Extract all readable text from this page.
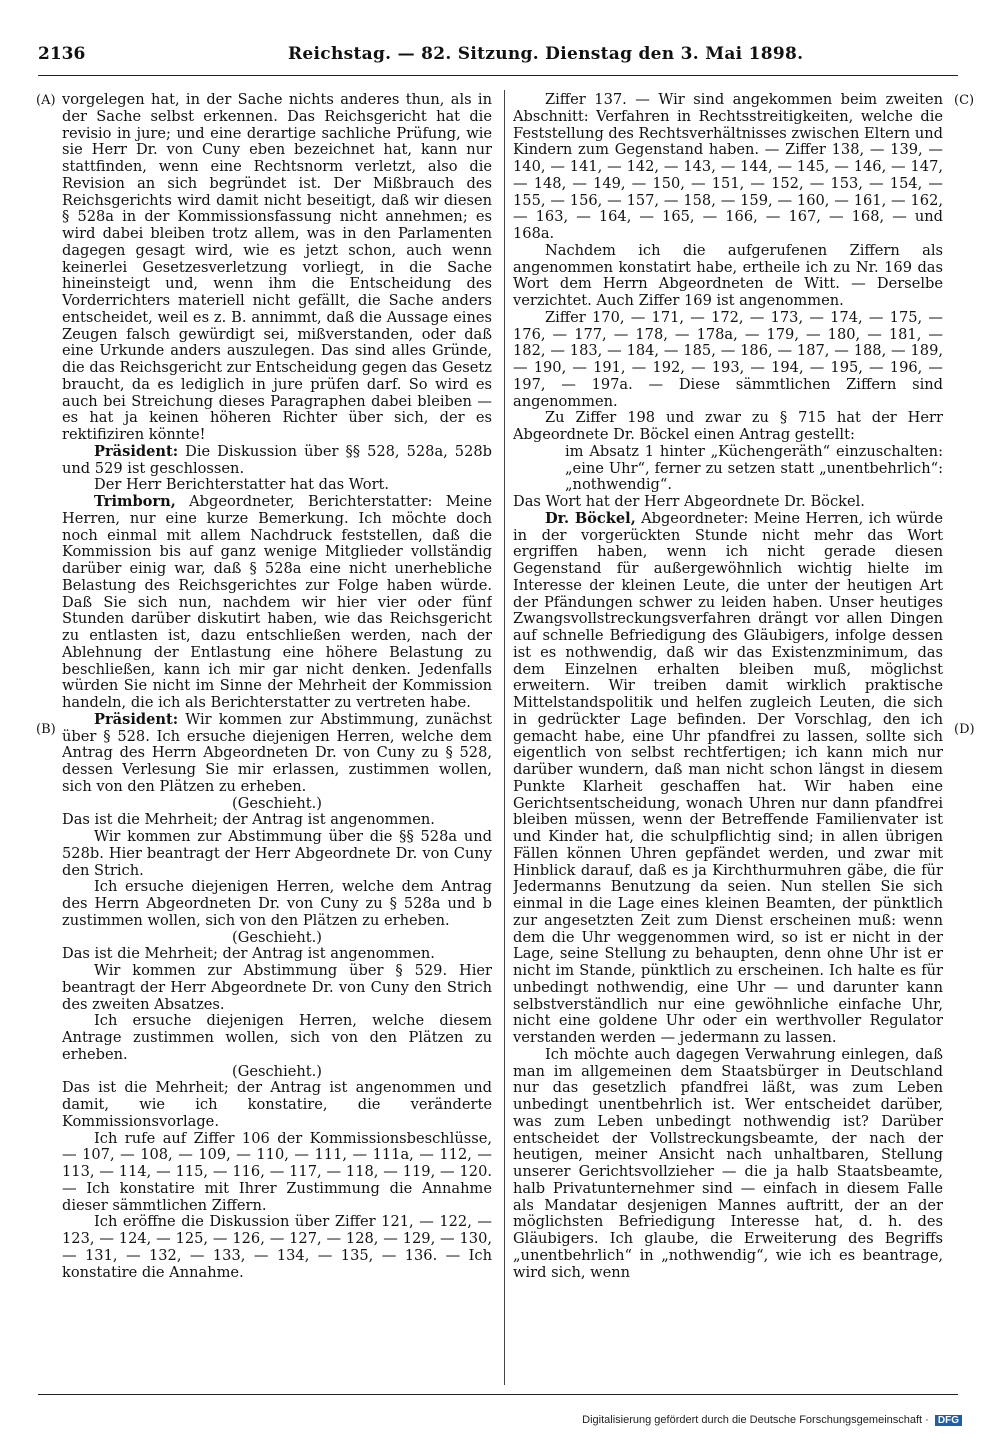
2136	Reichstag. — 82. Sitzung. Dienstag den 3. Mai 1898.
(A)
(B)
(C)
(D)

vorgelegen hat, in der Sache nichts anderes thun, als in der Sache selbst erkennen. Das Reichsgericht hat die revisio in jure; und eine derartige sachliche Prüfung, wie sie Herr Dr. von Cuny eben bezeichnet hat, kann nur stattfinden, wenn eine Rechtsnorm verletzt, also die Revision an sich begründet ist. Der Mißbrauch des Reichsgerichts wird damit nicht beseitigt, daß wir diesen § 528a in der Kommissionsfassung nicht annehmen; es wird dabei bleiben trotz allem, was in den Parlamenten dagegen gesagt wird, wie es jetzt schon, auch wenn keinerlei Gesetzesverletzung vorliegt, in die Sache hineinsteigt und, wenn ihm die Entscheidung des Vorderrichters materiell nicht gefällt, die Sache anders entscheidet, weil es z. B. annimmt, daß die Aussage eines Zeugen falsch gewürdigt sei, mißverstanden, oder daß eine Urkunde anders auszulegen. Das sind alles Gründe, die das Reichsgericht zur Entscheidung gegen das Gesetz braucht, da es lediglich in jure prüfen darf. So wird es auch bei Streichung dieses Paragraphen dabei bleiben — es hat ja keinen höheren Richter über sich, der es rektifiziren könnte!

Präsident: Die Diskussion über §§ 528, 528a, 528b und 529 ist geschlossen.

Der Herr Berichterstatter hat das Wort.

Trimborn, Abgeordneter, Berichterstatter: Meine Herren, nur eine kurze Bemerkung. Ich möchte doch noch einmal mit allem Nachdruck feststellen, daß die Kommission bis auf ganz wenige Mitglieder vollständig darüber einig war, daß § 528a eine nicht unerhebliche Belastung des Reichsgerichtes zur Folge haben würde. Daß Sie sich nun, nachdem wir hier vier oder fünf Stunden darüber diskutirt haben, wie das Reichsgericht zu entlasten ist, dazu entschließen werden, nach der Ablehnung der Entlastung eine höhere Belastung zu beschließen, kann ich mir gar nicht denken. Jedenfalls würden Sie nicht im Sinne der Mehrheit der Kommission handeln, die ich als Berichterstatter zu vertreten habe.

Präsident: Wir kommen zur Abstimmung, zunächst über § 528. Ich ersuche diejenigen Herren, welche dem Antrag des Herrn Abgeordneten Dr. von Cuny zu § 528, dessen Verlesung Sie mir erlassen, zustimmen wollen, sich von den Plätzen zu erheben.

(Geschieht.)

Das ist die Mehrheit; der Antrag ist angenommen.

Wir kommen zur Abstimmung über die §§ 528a und 528b. Hier beantragt der Herr Abgeordnete Dr. von Cuny den Strich.

Ich ersuche diejenigen Herren, welche dem Antrag des Herrn Abgeordneten Dr. von Cuny zu § 528a und b zustimmen wollen, sich von den Plätzen zu erheben.

(Geschieht.)

Das ist die Mehrheit; der Antrag ist angenommen.

Wir kommen zur Abstimmung über § 529. Hier beantragt der Herr Abgeordnete Dr. von Cuny den Strich des zweiten Absatzes.

Ich ersuche diejenigen Herren, welche diesem Antrage zustimmen wollen, sich von den Plätzen zu erheben.

(Geschieht.)

Das ist die Mehrheit; der Antrag ist angenommen und damit, wie ich konstatire, die veränderte Kommissionsvorlage.

Ich rufe auf Ziffer 106 der Kommissionsbeschlüsse, — 107, — 108, — 109, — 110, — 111, — 111a, — 112, — 113, — 114, — 115, — 116, — 117, — 118, — 119, — 120. — Ich konstatire mit Ihrer Zustimmung die Annahme dieser sämmtlichen Ziffern.

Ich eröffne die Diskussion über Ziffer 121, — 122, — 123, — 124, — 125, — 126, — 127, — 128, — 129, — 130, — 131, — 132, — 133, — 134, — 135, — 136. — Ich konstatire die Annahme.

Ziffer 137. — Wir sind angekommen beim zweiten Abschnitt: Verfahren in Rechtsstreitigkeiten, welche die Feststellung des Rechtsverhältnisses zwischen Eltern und Kindern zum Gegenstand haben. — Ziffer 138, — 139, — 140, — 141, — 142, — 143, — 144, — 145, — 146, — 147, — 148, — 149, — 150, — 151, — 152, — 153, — 154, — 155, — 156, — 157, — 158, — 159, — 160, — 161, — 162, — 163, — 164, — 165, — 166, — 167, — 168, — und 168a.

Nachdem ich die aufgerufenen Ziffern als angenommen konstatirt habe, ertheile ich zu Nr. 169 das Wort dem Herrn Abgeordneten de Witt. — Derselbe verzichtet. Auch Ziffer 169 ist angenommen.

Ziffer 170, — 171, — 172, — 173, — 174, — 175, — 176, — 177, — 178, — 178a, — 179, — 180, — 181, — 182, — 183, — 184, — 185, — 186, — 187, — 188, — 189, — 190, — 191, — 192, — 193, — 194, — 195, — 196, — 197, — 197a. — Diese sämmtlichen Ziffern sind angenommen.

Zu Ziffer 198 und zwar zu § 715 hat der Herr Abgeordnete Dr. Böckel einen Antrag gestellt:

im Absatz 1 hinter „Küchengeräth“ einzuschalten: „eine Uhr“, ferner zu setzen statt „unentbehrlich“: „nothwendig“.

Das Wort hat der Herr Abgeordnete Dr. Böckel.

Dr. Böckel, Abgeordneter: Meine Herren, ich würde in der vorgerückten Stunde nicht mehr das Wort ergriffen haben, wenn ich nicht gerade diesen Gegenstand für außergewöhnlich wichtig hielte im Interesse der kleinen Leute, die unter der heutigen Art der Pfändungen schwer zu leiden haben. Unser heutiges Zwangsvollstreckungsverfahren drängt vor allen Dingen auf schnelle Befriedigung des Gläubigers, infolge dessen ist es nothwendig, daß wir das Existenzminimum, das dem Einzelnen erhalten bleiben muß, möglichst erweitern. Wir treiben damit wirklich praktische Mittelstandspolitik und helfen zugleich Leuten, die sich in gedrückter Lage befinden. Der Vorschlag, den ich gemacht habe, eine Uhr pfandfrei zu lassen, sollte sich eigentlich von selbst rechtfertigen; ich kann mich nur darüber wundern, daß man nicht schon längst in diesem Punkte Klarheit geschaffen hat. Wir haben eine Gerichtsentscheidung, wonach Uhren nur dann pfandfrei bleiben müssen, wenn der Betreffende Familienvater ist und Kinder hat, die schulpflichtig sind; in allen übrigen Fällen können Uhren gepfändet werden, und zwar mit Hinblick darauf, daß es ja Kirchthurmuhren gäbe, die für Jedermanns Benutzung da seien. Nun stellen Sie sich einmal in die Lage eines kleinen Beamten, der pünktlich zur angesetzten Zeit zum Dienst erscheinen muß: wenn dem die Uhr weggenommen wird, so ist er nicht in der Lage, seine Stellung zu behaupten, denn ohne Uhr ist er nicht im Stande, pünktlich zu erscheinen. Ich halte es für unbedingt nothwendig, eine Uhr — und darunter kann selbstverständlich nur eine gewöhnliche einfache Uhr, nicht eine goldene Uhr oder ein werthvoller Regulator verstanden werden — jedermann zu lassen.

Ich möchte auch dagegen Verwahrung einlegen, daß man im allgemeinen dem Staatsbürger in Deutschland nur das gesetzlich pfandfrei läßt, was zum Leben unbedingt unentbehrlich ist. Wer entscheidet darüber, was zum Leben unbedingt nothwendig ist? Darüber entscheidet der Vollstreckungsbeamte, der nach der heutigen, meiner Ansicht nach unhaltbaren, Stellung unserer Gerichtsvollzieher — die ja halb Staatsbeamte, halb Privatunternehmer sind — einfach in diesem Falle als Mandatar desjenigen Mannes auftritt, der an der möglichsten Befriedigung Interesse hat, d. h. des Gläubigers. Ich glaube, die Erweiterung des Begriffs „unentbehrlich“ in „nothwendig“, wie ich es beantrage, wird sich, wenn

Digitalisierung gefördert durch die Deutsche Forschungsgemeinschaft · DFG
